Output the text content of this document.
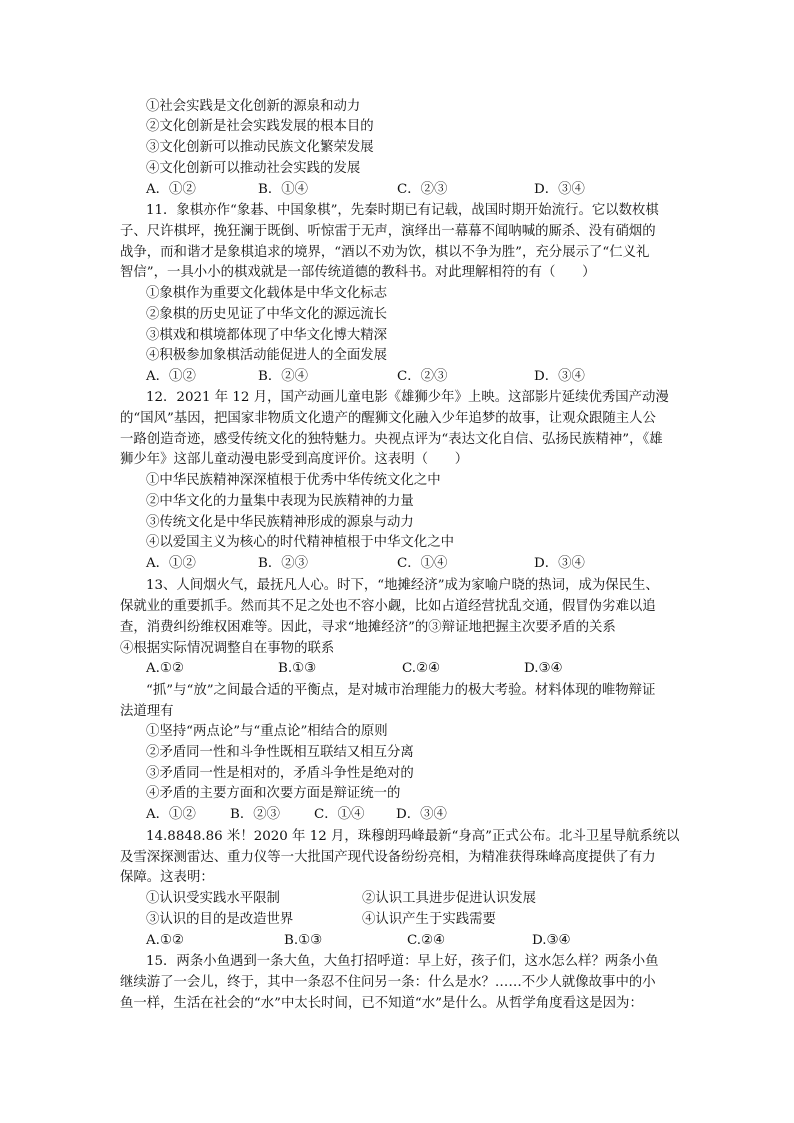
①社会实践是文化创新的源泉和动力
②文化创新是社会实践发展的根本目的
③文化创新可以推动民族文化繁荣发展
④文化创新可以推动社会实践的发展
A．①②	B．①④	C．②③	D．③④
11．象棋亦作“象碁、中国象棋”，先秦时期已有记载，战国时期开始流行。它以数枚棋
子、尺许棋坪，挽狂澜于既倒、听惊雷于无声，演绎出一幕幕不闻呐喊的厮杀、没有硝烟的
战争，而和谐才是象棋追求的境界，“酒以不劝为饮，棋以不争为胜”，充分展示了“仁义礼
智信”，一具小小的棋戏就是一部传统道德的教科书。对此理解相符的有（　　）
①象棋作为重要文化载体是中华文化标志
②象棋的历史见证了中华文化的源远流长
③棋戏和棋境都体现了中华文化博大精深
④积极参加象棋活动能促进人的全面发展
A．①②	B．②④	C．②③	D．③④
12．2021 年 12 月，国产动画儿童电影《雄狮少年》上映。这部影片延续优秀国产动漫
的“国风”基因，把国家非物质文化遗产的醒狮文化融入少年追梦的故事，让观众跟随主人公
一路创造奇迹，感受传统文化的独特魅力。央视点评为“表达文化自信、弘扬民族精神”，《雄
狮少年》这部儿童动漫电影受到高度评价。这表明（　　）
①中华民族精神深深植根于优秀中华传统文化之中
②中华文化的力量集中表现为民族精神的力量
③传统文化是中华民族精神形成的源泉与动力
④以爱国主义为核心的时代精神植根于中华文化之中
A．①②	B．②③	C．①④	D．③④
13、人间烟火气，最抚凡人心。时下，“地摊经济”成为家喻户晓的热词，成为保民生、
保就业的重要抓手。然而其不足之处也不容小觑，比如占道经营扰乱交通，假冒伪劣难以追
查，消费纠纷维权困难等。因此，寻求“地摊经济”的③辩证地把握主次要矛盾的关系
④根据实际情况调整自在事物的联系
A.①②	B.①③	C.②④	D.③④
“抓”与“放”之间最合适的平衡点，是对城市治理能力的极大考验。材料体现的唯物辩证
法道理有
①坚持“两点论”与“重点论”相结合的原则
②矛盾同一性和斗争性既相互联结又相互分离
③矛盾同一性是相对的，矛盾斗争性是绝对的
④矛盾的主要方面和次要方面是辩证统一的
A．①②	B．②③	C．①④ D．③④
14.8848.86 米！2020 年 12 月，珠穆朗玛峰最新“身高”正式公布。北斗卫星导航系统以
及雪深探测雷达、重力仪等一大批国产现代设备纷纷亮相，为精准获得珠峰高度提供了有力
保障。这表明：
①认识受实践水平限制	②认识工具进步促进认识发展
③认识的目的是改造世界	④认识产生于实践需要
A.①②	B.①③	C.②④	D.③④
15．两条小鱼遇到一条大鱼，大鱼打招呼道：早上好，孩子们，这水怎么样？两条小鱼
继续游了一会儿，终于，其中一条忍不住问另一条：什么是水？……不少人就像故事中的小
鱼一样，生活在社会的“水”中太长时间，已不知道“水”是什么。从哲学角度看这是因为：
